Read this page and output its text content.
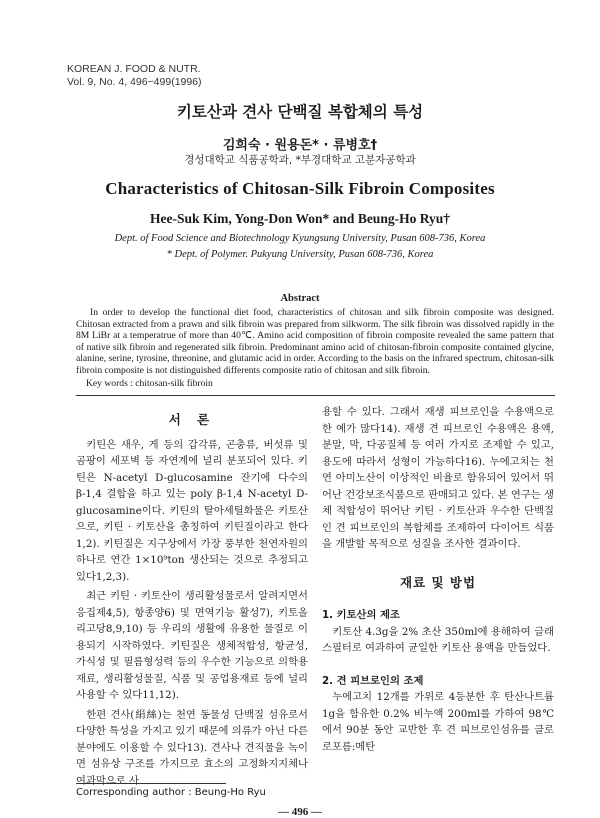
KOREAN J. FOOD & NUTR.
Vol. 9, No. 4, 496~499(1996)
키토산과 견사 단백질 복합체의 특성
김희숙 · 원용돈* · 류병호†
경성대학교 식품공학과, *부경대학교 고분자공학과
Characteristics of Chitosan-Silk Fibroin Composites
Hee-Suk Kim, Yong-Don Won* and Beung-Ho Ryu†
Dept. of Food Science and Biotechnology Kyungsung University, Pusan 608-736, Korea
* Dept. of Polymer. Pukyung University, Pusan 608-736, Korea
Abstract
In order to develop the functional diet food, characteristics of chitosan and silk fibroin composite was designed. Chitosan extracted from a prawn and silk fibroin was prepared from silkworm. The silk fibroin was dissolved rapidly in the 8M LiBr at a temperatrue of more than 40℃. Amino acid composition of fibroin composite revealed the same pattern that of native silk fibroin and regenerated silk fibroin. Predominant amino acid of chitosan-fibroin composite contained glycine, alanine, serine, tyrosine, threonine, and glutamic acid in order. According to the basis on the infrared spectrum, chitosan-silk fibroin composite is not distinguished differents composite ratio of chitosan and silk fibroin.
Key words : chitosan-silk fibroin
서 론

키틴은 새우, 게 등의 갑각류, 곤충류, 버섯류 및 곰팡이 세포벽 등 자연계에 널리 분포되어 있다. 키틴은 N-acetyl D-glucosamine 잔기에 다수의 β-1,4 결합을 하고 있는 poly β-1,4 N-acetyl D-glucosamine이다. 키틴의 탈아세틸화물은 키토산으로, 키틴 · 키토산을 총칭하여 키틴질이라고 한다1,2). 키틴질은 지구상에서 가장 풍부한 천연자원의 하나로 연간 1×10⁹ton 생산되는 것으로 추정되고 있다1,2,3).

최근 키틴 · 키토산이 생리활성물로서 알려지면서 응집제4,5), 항종양6) 및 면역기능 활성7), 키토올리고당8,9,10) 등 우리의 생활에 유용한 물질로 이용되기 시작하였다. 키틴질은 생체적합성, 항균성, 가식성 및 필름형성력 등의 우수한 기능으로 의학용재료, 생리활성물질, 식품 및 공업용재료 등에 널리 사용할 수 있다11,12).

한편 견사(絹絲)는 천연 동물성 단백질 섬유로서 다양한 특성을 가지고 있기 때문에 의류가 아닌 다른 분야에도 이용할 수 있다13). 견사나 견직물을 녹이면 섬유상 구조를 가지므로 효소의 고정화지지체나 여과막으로 사

용할 수 있다. 그래서 재생 피브로인을 수용액으로 한 예가 많다14). 재생 견 피브로인 수용액은 용액, 분말, 막, 다공질체 등 여러 가지로 조제할 수 있고, 용도에 따라서 성형이 가능하다16). 누에고치는 천연 아미노산이 이상적인 비율로 함유되어 있어서 뛰어난 건강보조식품으로 판매되고 있다. 본 연구는 생체 적합성이 뛰어난 키틴 · 키토산과 우수한 단백질인 견 피브로인의 복합체를 조제하여 다이어트 식품을 개발할 목적으로 성질을 조사한 결과이다.

재료 및 방법
1. 키토산의 제조

키토산 4.3g을 2% 초산 350ml에 용해하여 글래스필터로 여과하여 균일한 키토산 용액을 만들었다.

2. 견 피브로인의 조제

누에고치 12개를 가위로 4등분한 후 탄산나트륨 1g을 함유한 0.2% 비누액 200ml를 가하여 98℃에서 90분 동안 교반한 후 견 피브로인섬유를 클로로포름:메탄

Corresponding author : Beung-Ho Ryu
— 496 —
